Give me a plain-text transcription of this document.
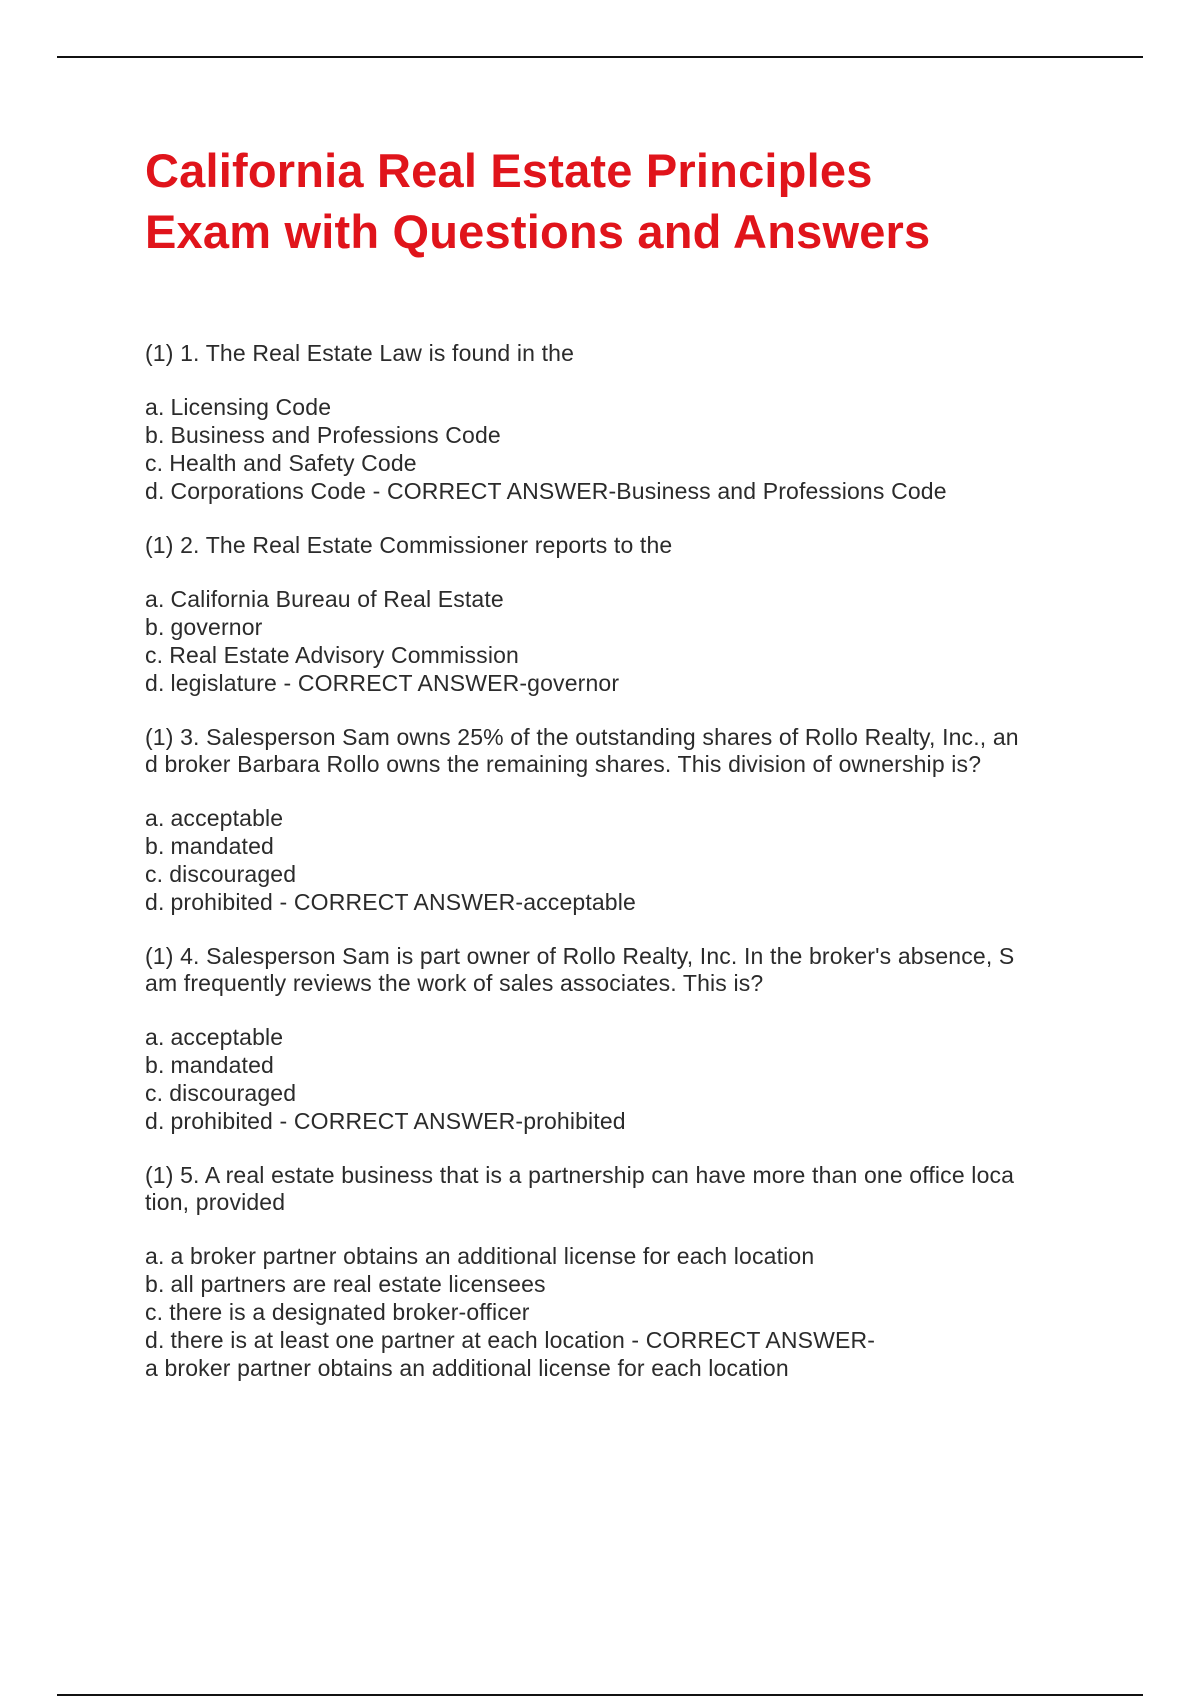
California Real Estate Principles
Exam with Questions and Answers

(1) 1. The Real Estate Law is found in the

a. Licensing Code
b. Business and Professions Code
c. Health and Safety Code
d. Corporations Code - CORRECT ANSWER-Business and Professions Code

(1) 2. The Real Estate Commissioner reports to the

a. California Bureau of Real Estate
b. governor
c. Real Estate Advisory Commission
d. legislature - CORRECT ANSWER-governor

(1) 3. Salesperson Sam owns 25% of the outstanding shares of Rollo Realty, Inc., an
d broker Barbara Rollo owns the remaining shares. This division of ownership is?

a. acceptable
b. mandated
c. discouraged
d. prohibited - CORRECT ANSWER-acceptable

(1) 4. Salesperson Sam is part owner of Rollo Realty, Inc. In the broker's absence, S
am frequently reviews the work of sales associates. This is?

a. acceptable
b. mandated
c. discouraged
d. prohibited - CORRECT ANSWER-prohibited

(1) 5. A real estate business that is a partnership can have more than one office loca
tion, provided

a. a broker partner obtains an additional license for each location
b. all partners are real estate licensees
c. there is a designated broker-officer
d. there is at least one partner at each location - CORRECT ANSWER-
a broker partner obtains an additional license for each location
